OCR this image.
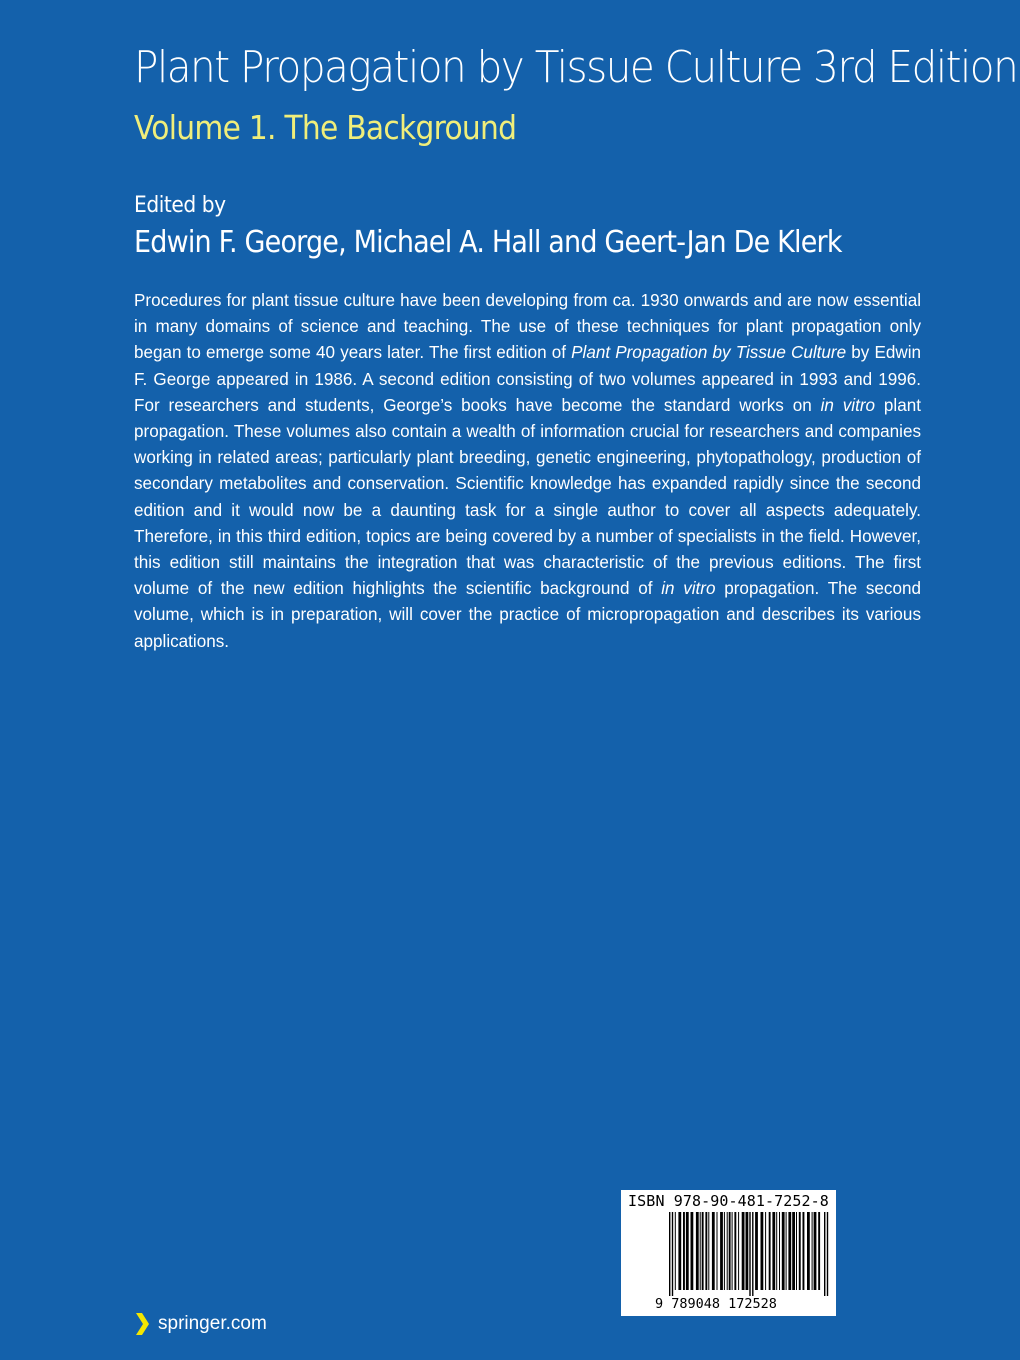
Plant Propagation by Tissue Culture 3rd Edition
Volume 1. The Background
Edited by
Edwin F. George, Michael A. Hall and Geert-Jan De Klerk

Procedures for plant tissue culture have been developing from ca. 1930 onwards and are now essential in many domains of science and teaching. The use of these techniques for plant propagation only began to emerge some 40 years later. The first edition of Plant Propagation by Tissue Culture by Edwin F. George appeared in 1986. A second edition consisting of two volumes appeared in 1993 and 1996. For researchers and students, George’s books have become the standard works on in vitro plant propagation. These volumes also contain a wealth of information crucial for researchers and companies working in related areas; particularly plant breeding, genetic engineering, phytopathology, production of secondary metabolites and conservation. Scientific knowledge has expanded rapidly since the second edition and it would now be a daunting task for a single author to cover all aspects adequately. Therefore, in this third edition, topics are being covered by a number of specialists in the field. However, this edition still maintains the integration that was characteristic of the previous editions. The first volume of the new edition highlights the scientific background of in vitro propagation. The second volume, which is in preparation, will cover the practice of micropropagation and describes its various applications.

ISBN 978-90-481-7252-8
9 789048 172528
springer.com
